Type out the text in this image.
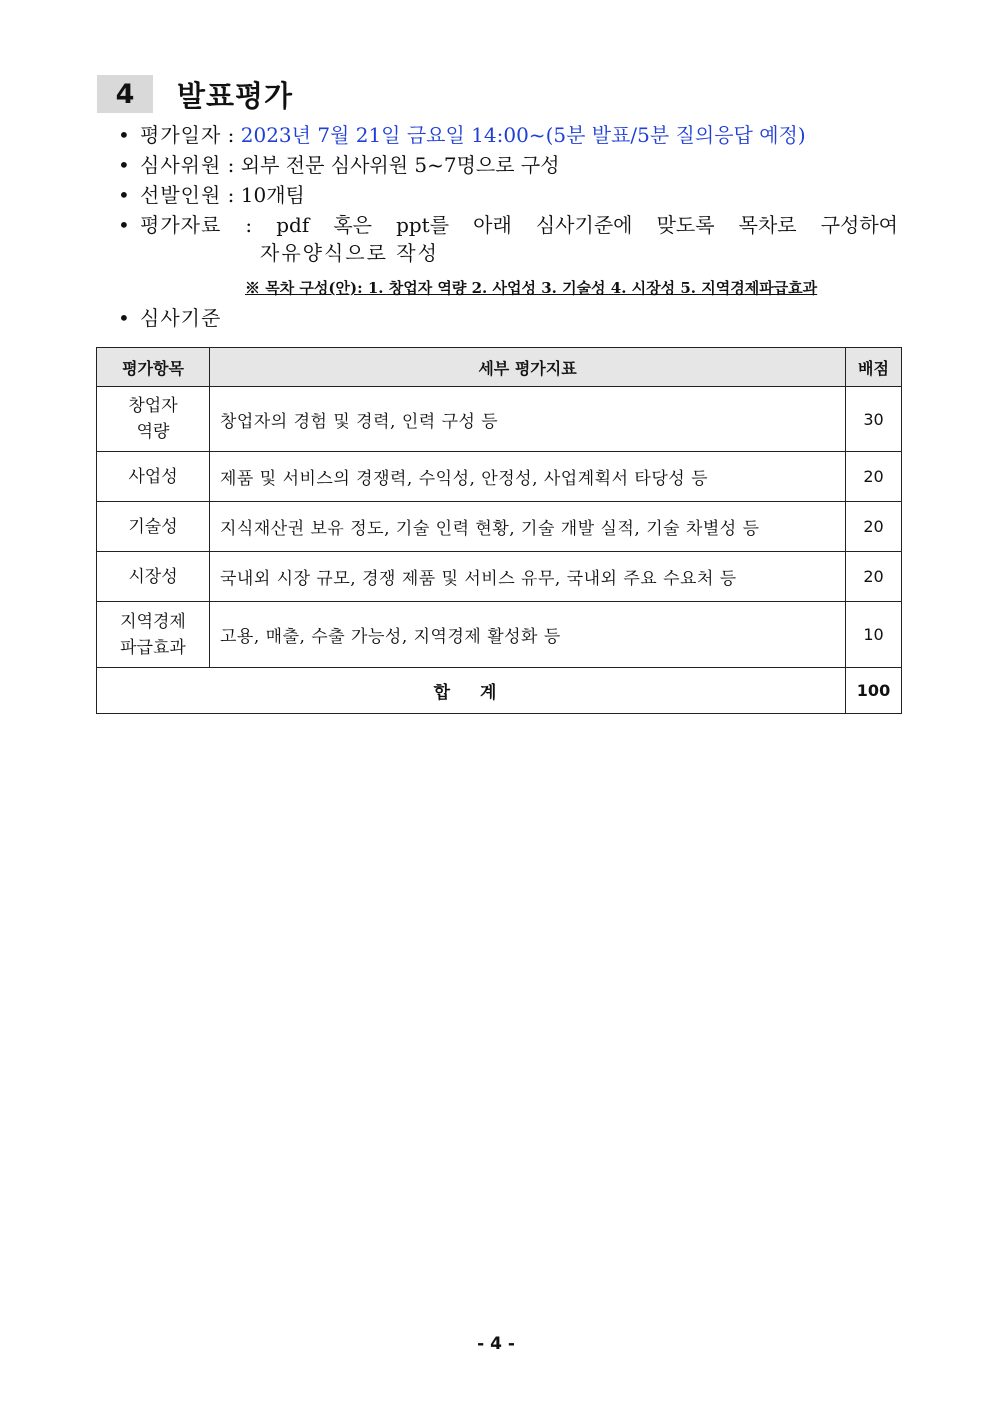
4	발표평가
• 평가일자 : 2023년 7월 21일 금요일 14:00~(5분 발표/5분 질의응답 예정)
• 심사위원 : 외부 전문 심사위원 5~7명으로 구성
• 선발인원 : 10개팀
• 평가자료 : pdf 혹은 ppt를 아래 심사기준에 맞도록 목차로 구성하여
자유양식으로 작성
※ 목차 구성(안): 1. 창업자 역량 2. 사업성 3. 기술성 4. 시장성 5. 지역경제파급효과
• 심사기준
평가항목	세부 평가지표	배점

창업자
역량	창업자의 경험 및 경력, 인력 구성 등	30

사업성	제품 및 서비스의 경쟁력, 수익성, 안정성, 사업계획서 타당성 등	20

기술성	지식재산권 보유 정도, 기술 인력 현황, 기술 개발 실적, 기술 차별성 등	20

시장성	국내외 시장 규모, 경쟁 제품 및 서비스 유무, 국내외 주요 수요처 등	20

지역경제
파급효과	고용, 매출, 수출 가능성, 지역경제 활성화 등	10
합 계		100
- 4 -
